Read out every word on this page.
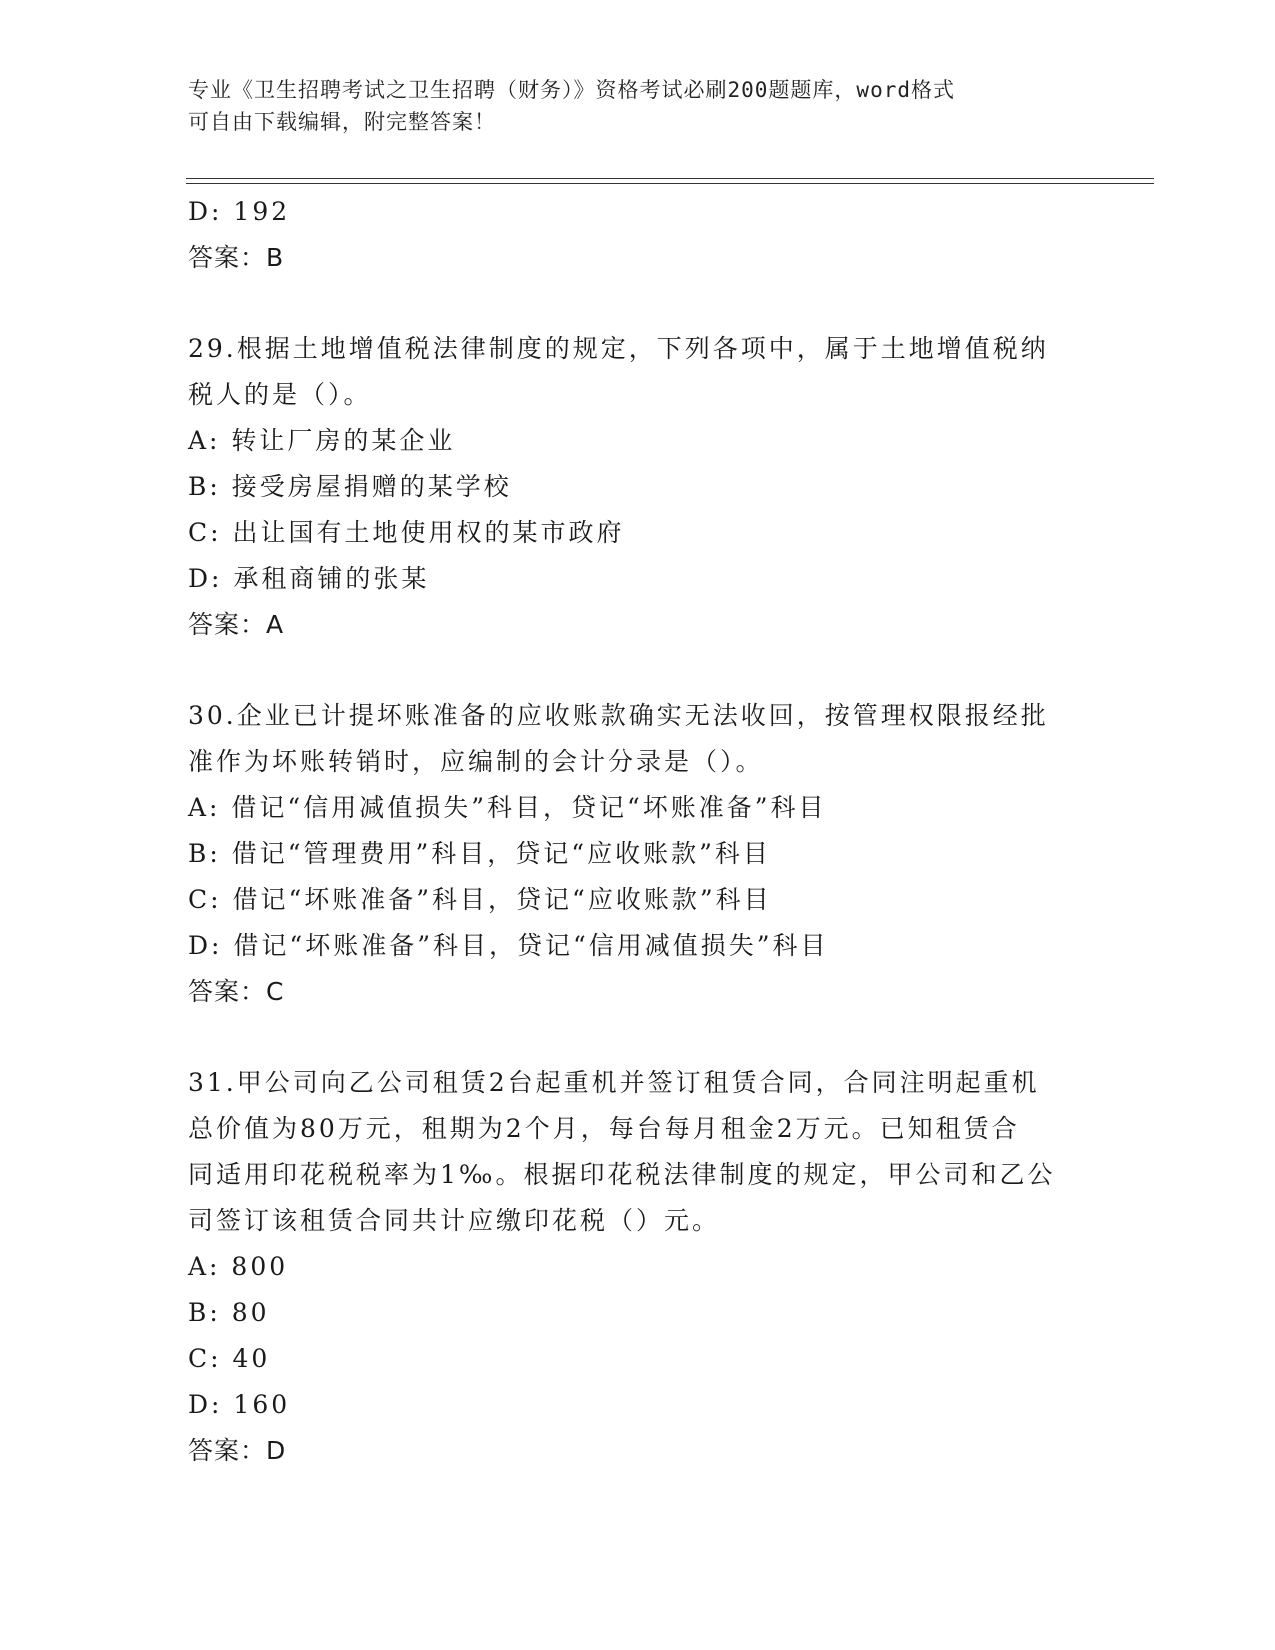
专业《卫生招聘考试之卫生招聘（财务）》资格考试必刷200题题库，word格式
可自由下载编辑，附完整答案！
D: 192
答案：B
29.根据土地增值税法律制度的规定，下列各项中，属于土地增值税纳
税人的是（）。
A: 转让厂房的某企业
B: 接受房屋捐赠的某学校
C: 出让国有土地使用权的某市政府
D: 承租商铺的张某
答案：A
30.企业已计提坏账准备的应收账款确实无法收回，按管理权限报经批
准作为坏账转销时，应编制的会计分录是（）。
A: 借记“信用减值损失”科目，贷记“坏账准备”科目
B: 借记“管理费用”科目，贷记“应收账款”科目
C: 借记“坏账准备”科目，贷记“应收账款”科目
D: 借记“坏账准备”科目，贷记“信用减值损失”科目
答案：C
31.甲公司向乙公司租赁2台起重机并签订租赁合同，合同注明起重机
总价值为80万元，租期为2个月，每台每月租金2万元。已知租赁合
同适用印花税税率为1‰。根据印花税法律制度的规定，甲公司和乙公
司签订该租赁合同共计应缴印花税（）元。
A: 800
B: 80
C: 40
D: 160
答案：D
